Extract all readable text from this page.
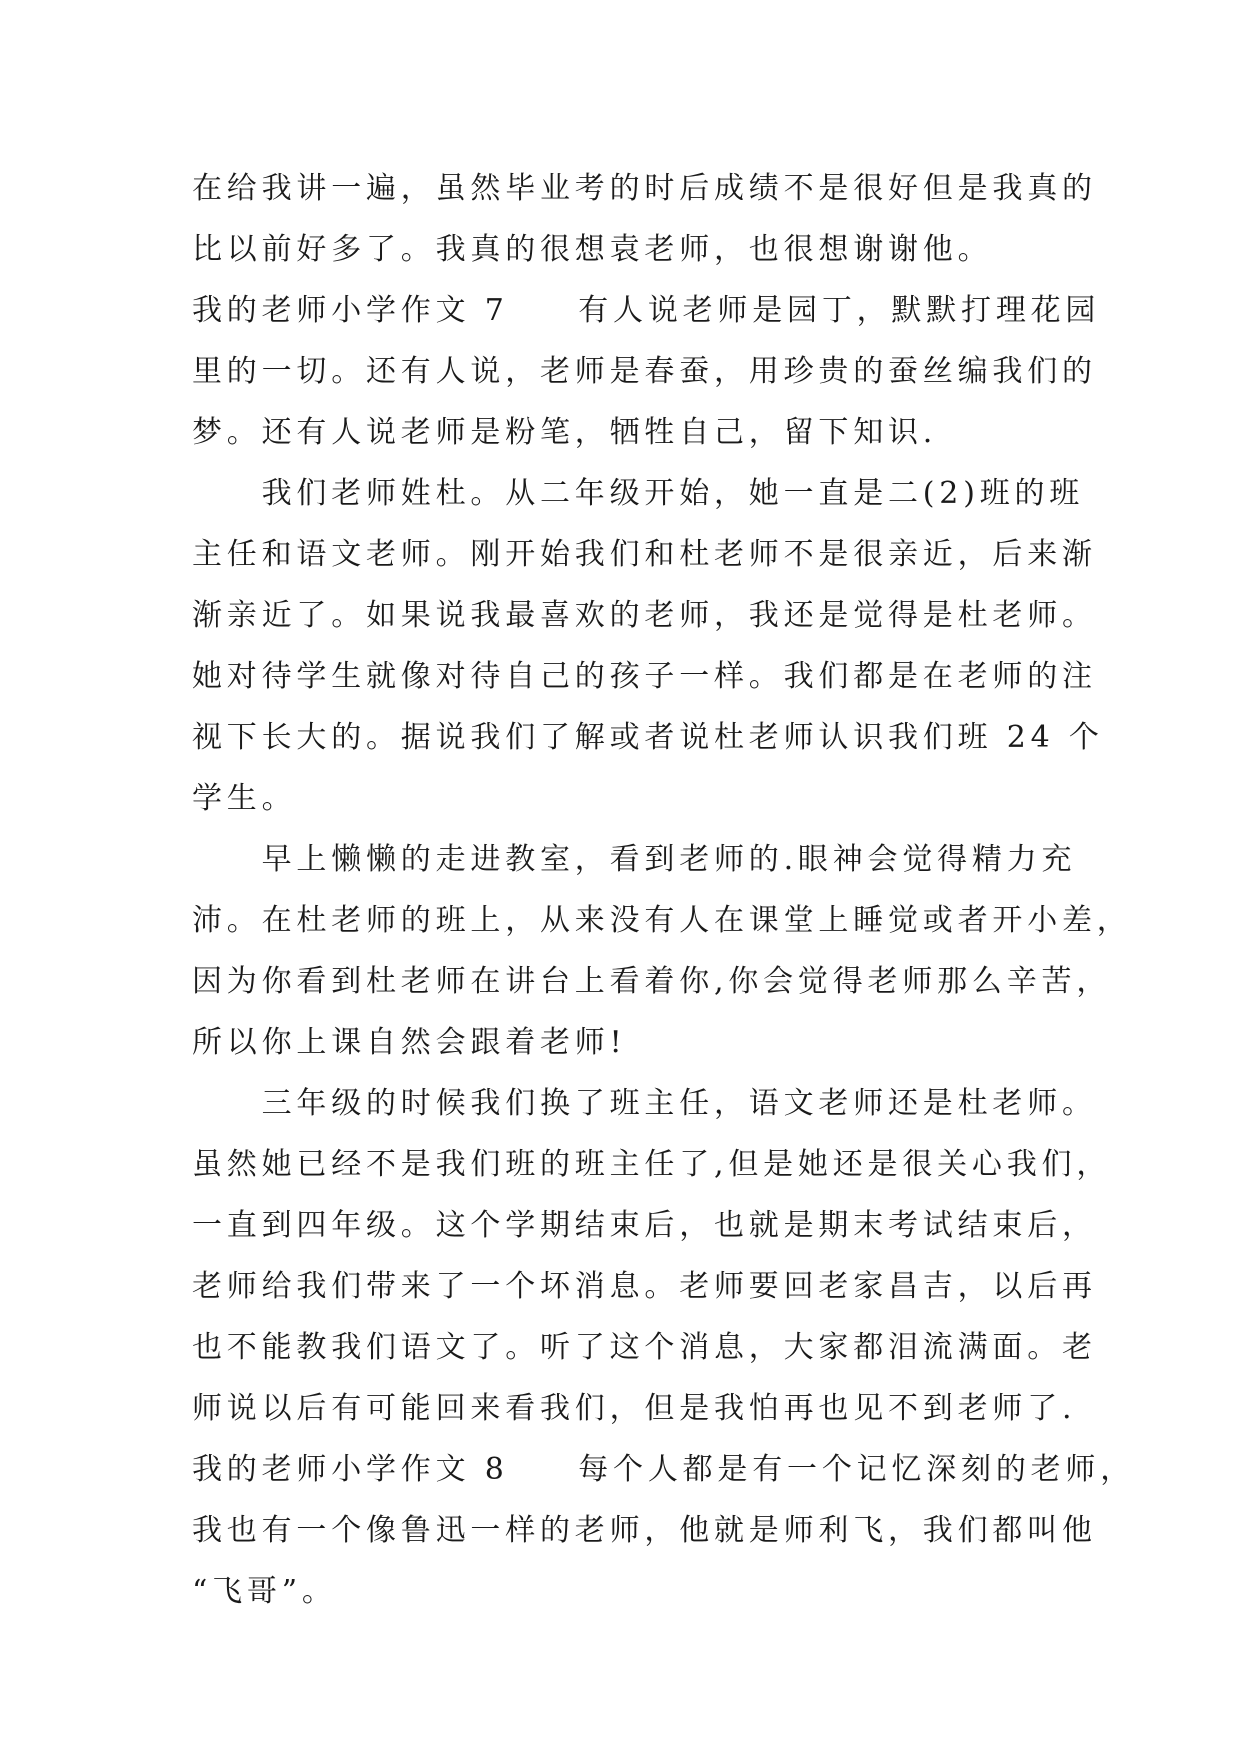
在给我讲一遍，虽然毕业考的时后成绩不是很好但是我真的
比以前好多了。我真的很想袁老师，也很想谢谢他。
我的老师小学作文 7　　有人说老师是园丁，默默打理花园
里的一切。还有人说，老师是春蚕，用珍贵的蚕丝编我们的
梦。还有人说老师是粉笔，牺牲自己，留下知识.
　　我们老师姓杜。从二年级开始，她一直是二(2)班的班
主任和语文老师。刚开始我们和杜老师不是很亲近，后来渐
渐亲近了。如果说我最喜欢的老师，我还是觉得是杜老师。
她对待学生就像对待自己的孩子一样。我们都是在老师的注
视下长大的。据说我们了解或者说杜老师认识我们班 24 个
学生。
　　早上懒懒的走进教室，看到老师的.眼神会觉得精力充
沛。在杜老师的班上，从来没有人在课堂上睡觉或者开小差，
因为你看到杜老师在讲台上看着你,你会觉得老师那么辛苦，
所以你上课自然会跟着老师!
　　三年级的时候我们换了班主任，语文老师还是杜老师。
虽然她已经不是我们班的班主任了,但是她还是很关心我们，
一直到四年级。这个学期结束后，也就是期末考试结束后，
老师给我们带来了一个坏消息。老师要回老家昌吉，以后再
也不能教我们语文了。听了这个消息，大家都泪流满面。老
师说以后有可能回来看我们，但是我怕再也见不到老师了.
我的老师小学作文 8　　每个人都是有一个记忆深刻的老师，
我也有一个像鲁迅一样的老师，他就是师利飞，我们都叫他
“飞哥”。
